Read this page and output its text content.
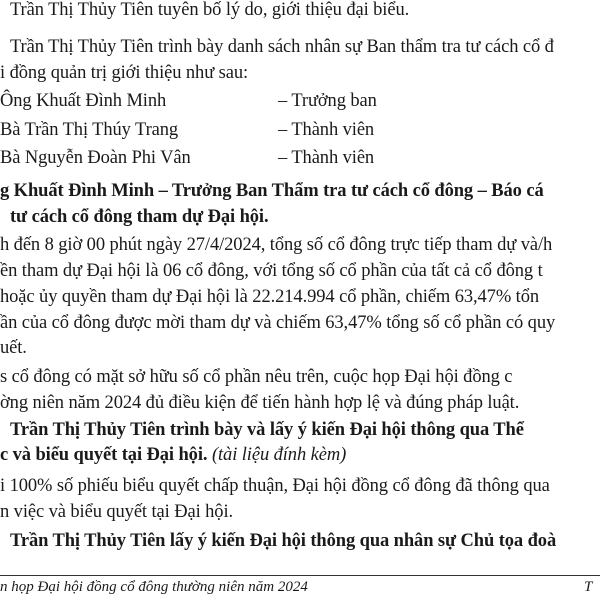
Trần Thị Thủy Tiên tuyên bố lý do, giới thiệu đại biểu.
Trần Thị Thủy Tiên trình bày danh sách nhân sự Ban thẩm tra tư cách cổ đ
i đồng quản trị giới thiệu như sau:
Ông Khuất Đình Minh	– Trưởng ban
Bà Trần Thị Thúy Trang	– Thành viên
Bà Nguyễn Đoàn Phi Vân	– Thành viên
g Khuất Đình Minh – Trưởng Ban Thẩm tra tư cách cổ đông – Báo cá
tư cách cổ đông tham dự Đại hội.
h đến 8 giờ 00 phút ngày 27/4/2024, tổng số cổ đông trực tiếp tham dự và/h
ền tham dự Đại hội là 06 cổ đông, với tổng số cổ phần của tất cả cổ đông t
hoặc ủy quyền tham dự Đại hội là 22.214.994 cổ phần, chiếm 63,47% tổn
ần của cổ đông được mời tham dự và chiếm 63,47% tổng số cổ phần có quy
uết.
s cổ đông có mặt sở hữu số cổ phần nêu trên, cuộc họp Đại hội đồng c
ờng niên năm 2024 đủ điều kiện để tiến hành hợp lệ và đúng pháp luật.
Trần Thị Thủy Tiên trình bày và lấy ý kiến Đại hội thông qua Thể
c và biểu quyết tại Đại hội. (tài liệu đính kèm)
i 100% số phiếu biểu quyết chấp thuận, Đại hội đồng cổ đông đã thông qua
n việc và biểu quyết tại Đại hội.
Trần Thị Thủy Tiên lấy ý kiến Đại hội thông qua nhân sự Chủ tọa đoà
n họp Đại hội đồng cổ đông thường niên năm 2024	T
